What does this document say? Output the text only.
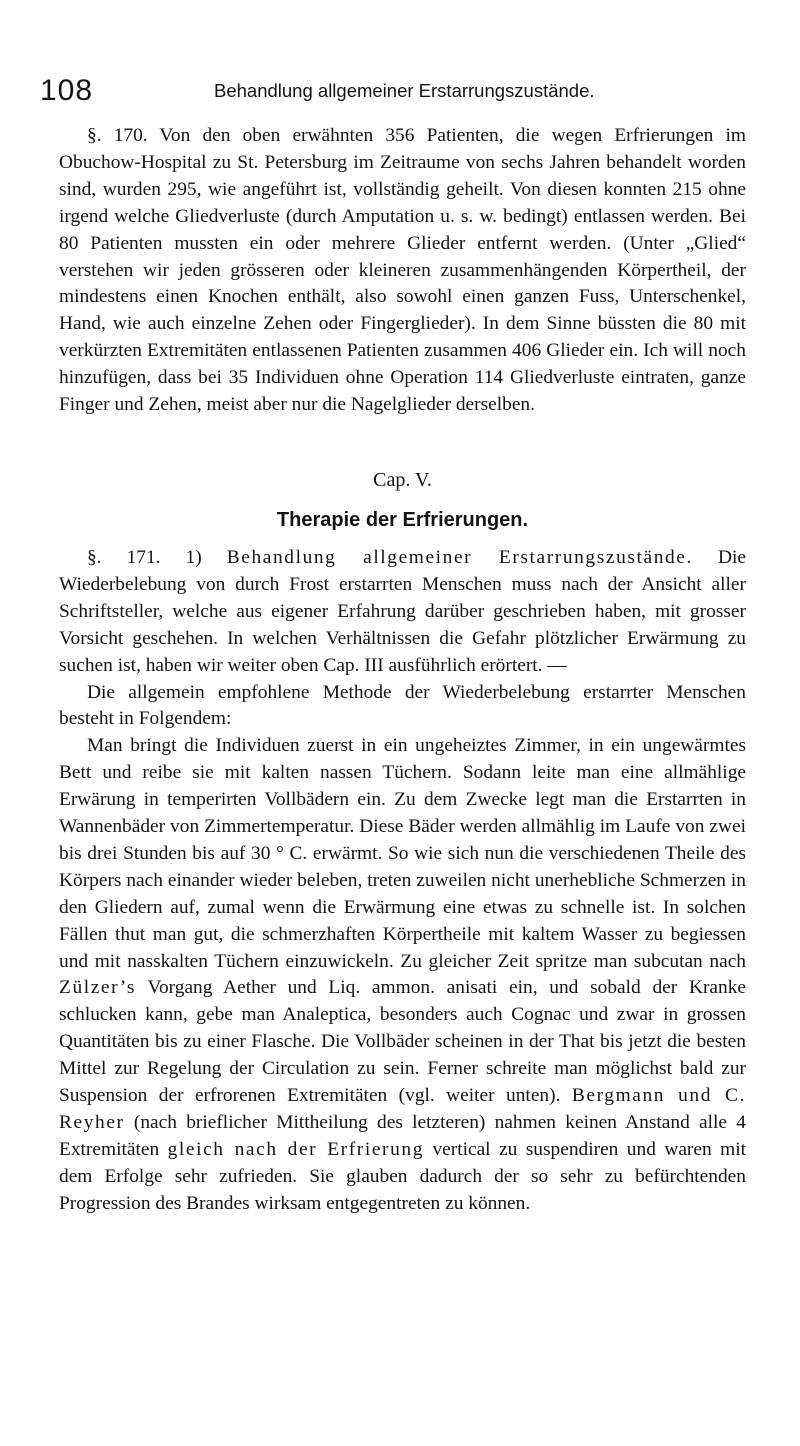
108	Behandlung allgemeiner Erstarrungszustände.

§. 170. Von den oben erwähnten 356 Patienten, die wegen Erfrierungen im Obuchow-Hospital zu St. Petersburg im Zeitraume von sechs Jahren behandelt worden sind, wurden 295, wie angeführt ist, vollständig geheilt. Von diesen konnten 215 ohne irgend welche Gliedverluste (durch Amputation u. s. w. bedingt) entlassen werden. Bei 80 Patienten mussten ein oder mehrere Glieder entfernt werden. (Unter „Glied“ verstehen wir jeden grösseren oder kleineren zusammenhängenden Körpertheil, der mindestens einen Knochen enthält, also sowohl einen ganzen Fuss, Unterschenkel, Hand, wie auch einzelne Zehen oder Fingerglieder). In dem Sinne büssten die 80 mit verkürzten Extremitäten entlassenen Patienten zusammen 406 Glieder ein. Ich will noch hinzufügen, dass bei 35 Individuen ohne Operation 114 Gliedverluste eintraten, ganze Finger und Zehen, meist aber nur die Nagelglieder derselben.

Cap. V.
Therapie der Erfrierungen.

§. 171. 1) Behandlung allgemeiner Erstarrungszustände. Die Wiederbelebung von durch Frost erstarrten Menschen muss nach der Ansicht aller Schriftsteller, welche aus eigener Erfahrung darüber geschrieben haben, mit grosser Vorsicht geschehen. In welchen Verhältnissen die Gefahr plötzlicher Erwärmung zu suchen ist, haben wir weiter oben Cap. III ausführlich erörtert. —

Die allgemein empfohlene Methode der Wiederbelebung erstarrter Menschen besteht in Folgendem:

Man bringt die Individuen zuerst in ein ungeheiztes Zimmer, in ein ungewärmtes Bett und reibe sie mit kalten nassen Tüchern. Sodann leite man eine allmählige Erwärung in temperirten Vollbädern ein. Zu dem Zwecke legt man die Erstarrten in Wannenbäder von Zimmertemperatur. Diese Bäder werden allmählig im Laufe von zwei bis drei Stunden bis auf 30 ° C. erwärmt. So wie sich nun die verschiedenen Theile des Körpers nach einander wieder beleben, treten zuweilen nicht unerhebliche Schmerzen in den Gliedern auf, zumal wenn die Erwärmung eine etwas zu schnelle ist. In solchen Fällen thut man gut, die schmerzhaften Körpertheile mit kaltem Wasser zu begiessen und mit nasskalten Tüchern einzuwickeln. Zu gleicher Zeit spritze man subcutan nach Zülzer’s Vorgang Aether und Liq. ammon. anisati ein, und sobald der Kranke schlucken kann, gebe man Analeptica, besonders auch Cognac und zwar in grossen Quantitäten bis zu einer Flasche. Die Vollbäder scheinen in der That bis jetzt die besten Mittel zur Regelung der Circulation zu sein. Ferner schreite man möglichst bald zur Suspension der erfrorenen Extremitäten (vgl. weiter unten). Bergmann und C. Reyher (nach brieflicher Mittheilung des letzteren) nahmen keinen Anstand alle 4 Extremitäten gleich nach der Erfrierung vertical zu suspendiren und waren mit dem Erfolge sehr zufrieden. Sie glauben dadurch der so sehr zu befürchtenden Progression des Brandes wirksam entgegentreten zu können.
